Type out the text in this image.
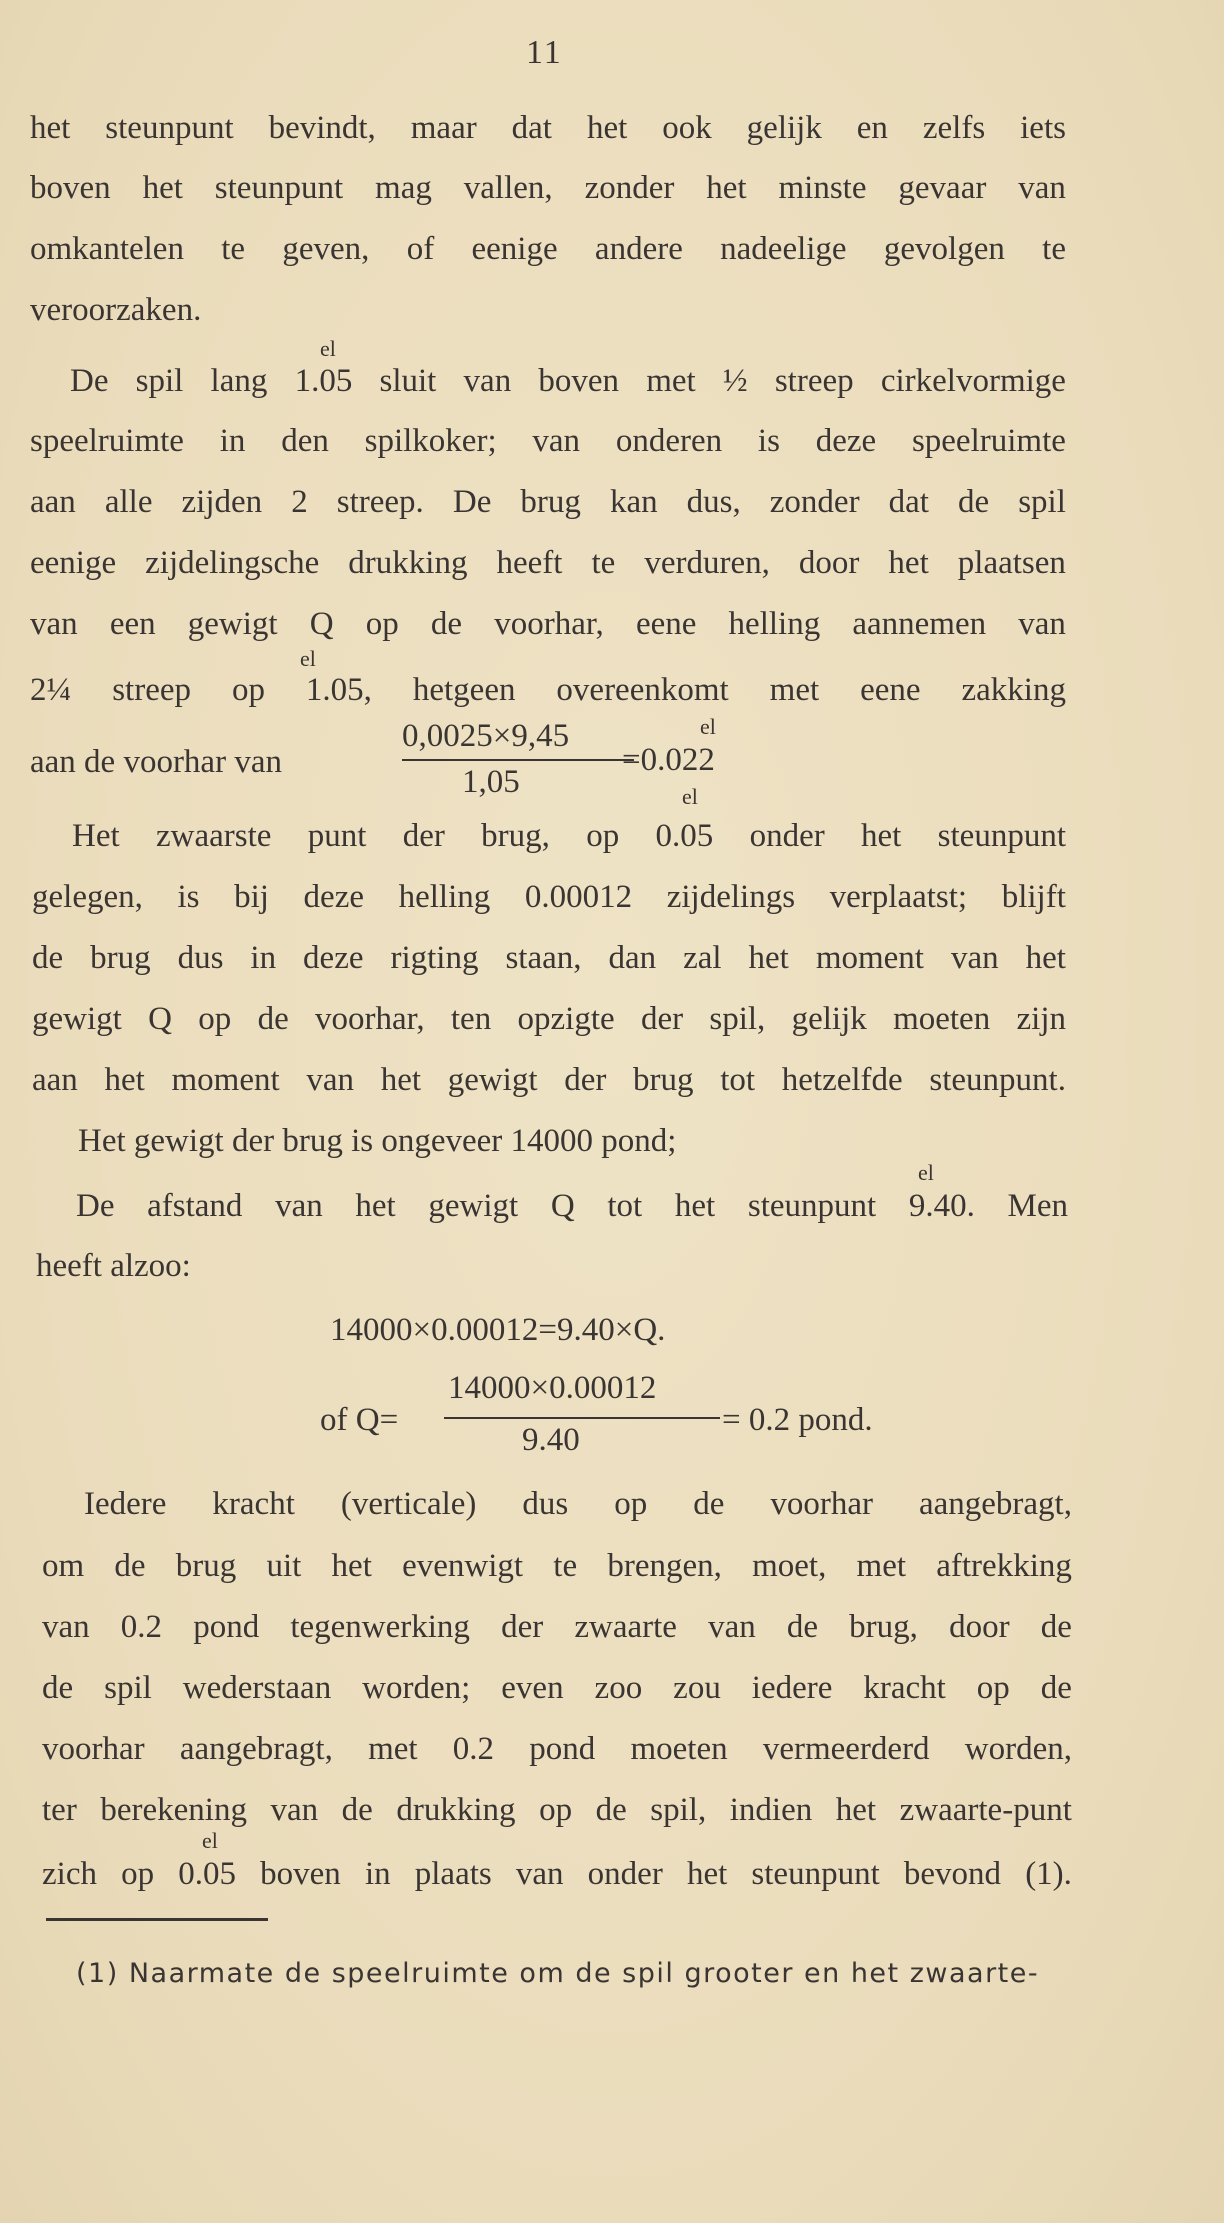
11
het steunpunt bevindt, maar dat het ook gelijk en zelfs iets
boven het steunpunt mag vallen, zonder het minste gevaar van
omkantelen te geven, of eenige andere nadeelige gevolgen te
veroorzaken.
el
De spil lang 1.05 sluit van boven met ½ streep cirkelvormige
speelruimte in den spilkoker; van onderen is deze speelruimte
aan alle zijden 2 streep. De brug kan dus, zonder dat de spil
eenige zijdelingsche drukking heeft te verduren, door het plaatsen
van een gewigt Q op de voorhar, eene helling aannemen van
el
2¼ streep op 1.05, hetgeen overeenkomt met eene zakking
aan de voorhar van
0,0025×9,45
1,05
el
=0.022
el
Het zwaarste punt der brug, op 0.05 onder het steunpunt
gelegen, is bij deze helling 0.00012 zijdelings verplaatst; blijft
de brug dus in deze rigting staan, dan zal het moment van het
gewigt Q op de voorhar, ten opzigte der spil, gelijk moeten zijn
aan het moment van het gewigt der brug tot hetzelfde steunpunt.
Het gewigt der brug is ongeveer 14000 pond;
el
De afstand van het gewigt Q tot het steunpunt 9.40. Men
heeft alzoo:
14000×0.00012=9.40×Q.
of Q=
14000×0.00012
9.40
= 0.2 pond.
Iedere kracht (verticale) dus op de voorhar aangebragt,
om de brug uit het evenwigt te brengen, moet, met aftrekking
van 0.2 pond tegenwerking der zwaarte van de brug, door de
de spil wederstaan worden; even zoo zou iedere kracht op de
voorhar aangebragt, met 0.2 pond moeten vermeerderd worden,
ter berekening van de drukking op de spil, indien het zwaarte-punt
el
zich op 0.05 boven in plaats van onder het steunpunt bevond (1).
(1) Naarmate de speelruimte om de spil grooter en het zwaarte-
